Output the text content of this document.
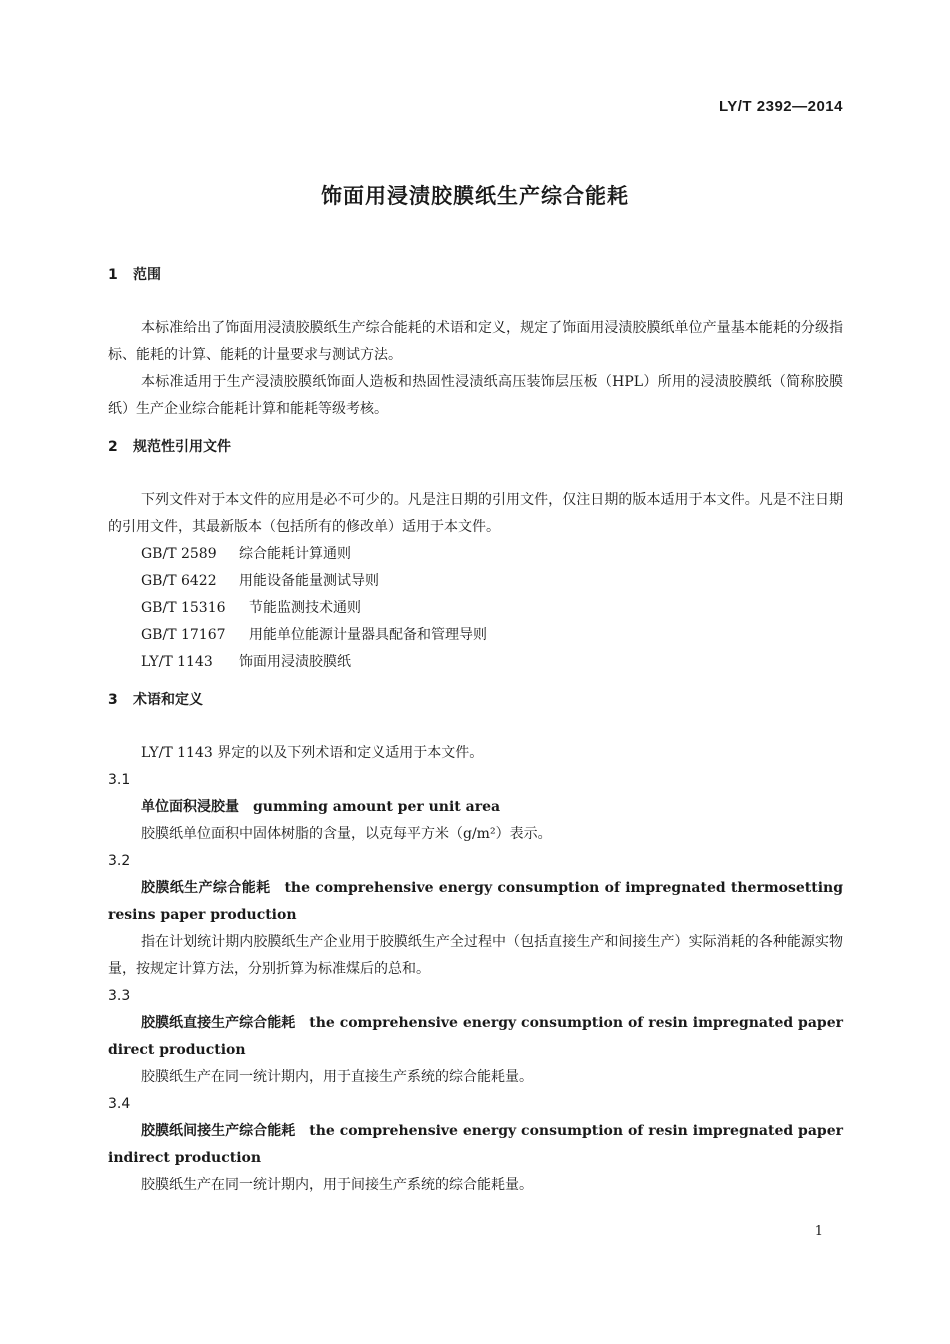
LY/T 2392—2014
饰面用浸渍胶膜纸生产综合能耗
1 范围

本标准给出了饰面用浸渍胶膜纸生产综合能耗的术语和定义，规定了饰面用浸渍胶膜纸单位产量基本能耗的分级指标、能耗的计算、能耗的计量要求与测试方法。

本标准适用于生产浸渍胶膜纸饰面人造板和热固性浸渍纸高压装饰层压板（HPL）所用的浸渍胶膜纸（简称胶膜纸）生产企业综合能耗计算和能耗等级考核。

2 规范性引用文件

下列文件对于本文件的应用是必不可少的。凡是注日期的引用文件，仅注日期的版本适用于本文件。凡是不注日期的引用文件，其最新版本（包括所有的修改单）适用于本文件。

GB/T 2589 综合能耗计算通则
GB/T 6422 用能设备能量测试导则
GB/T 15316 节能监测技术通则
GB/T 17167 用能单位能源计量器具配备和管理导则
LY/T 1143 饰面用浸渍胶膜纸
3 术语和定义

LY/T 1143 界定的以及下列术语和定义适用于本文件。

3.1

单位面积浸胶量 gumming amount per unit area

胶膜纸单位面积中固体树脂的含量，以克每平方米（g/m²）表示。

3.2

胶膜纸生产综合能耗 the comprehensive energy consumption of impregnated thermosetting resins paper production

指在计划统计期内胶膜纸生产企业用于胶膜纸生产全过程中（包括直接生产和间接生产）实际消耗的各种能源实物量，按规定计算方法，分别折算为标准煤后的总和。

3.3

胶膜纸直接生产综合能耗 the comprehensive energy consumption of resin impregnated paper direct production

胶膜纸生产在同一统计期内，用于直接生产系统的综合能耗量。

3.4

胶膜纸间接生产综合能耗 the comprehensive energy consumption of resin impregnated paper indirect production

胶膜纸生产在同一统计期内，用于间接生产系统的综合能耗量。

1
